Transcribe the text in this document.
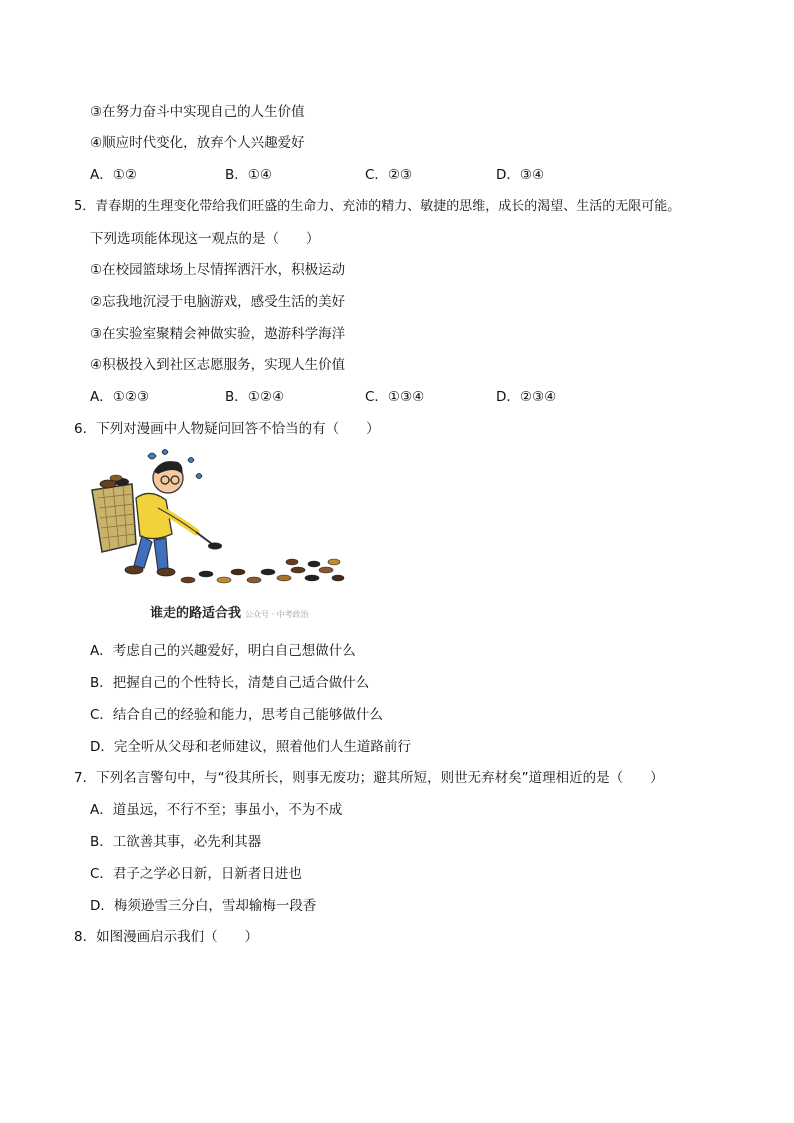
③在努力奋斗中实现自己的人生价值
④顺应时代变化，放弃个人兴趣爱好
A．①②	B．①④	C．②③	D．③④
5．青春期的生理变化带给我们旺盛的生命力、充沛的精力、敏捷的思维，成长的渴望、生活的无限可能。
下列选项能体现这一观点的是（　　）
①在校园篮球场上尽情挥洒汗水，积极运动
②忘我地沉浸于电脑游戏，感受生活的美好
③在实验室聚精会神做实验，遨游科学海洋
④积极投入到社区志愿服务，实现人生价值
A．①②③	B．①②④	C．①③④	D．②③④
6．下列对漫画中人物疑问回答不恰当的有（　　）
谁走的路适合我 公众号 · 中考政治
A．考虑自己的兴趣爱好，明白自己想做什么
B．把握自己的个性特长，清楚自己适合做什么
C．结合自己的经验和能力，思考自己能够做什么
D．完全听从父母和老师建议，照着他们人生道路前行
7．下列名言警句中，与“役其所长，则事无废功；避其所短，则世无弃材矣”道理相近的是（　　）
A．道虽远，不行不至；事虽小，不为不成
B．工欲善其事，必先利其器
C．君子之学必日新，日新者日进也
D．梅须逊雪三分白，雪却输梅一段香
8．如图漫画启示我们（　　）
